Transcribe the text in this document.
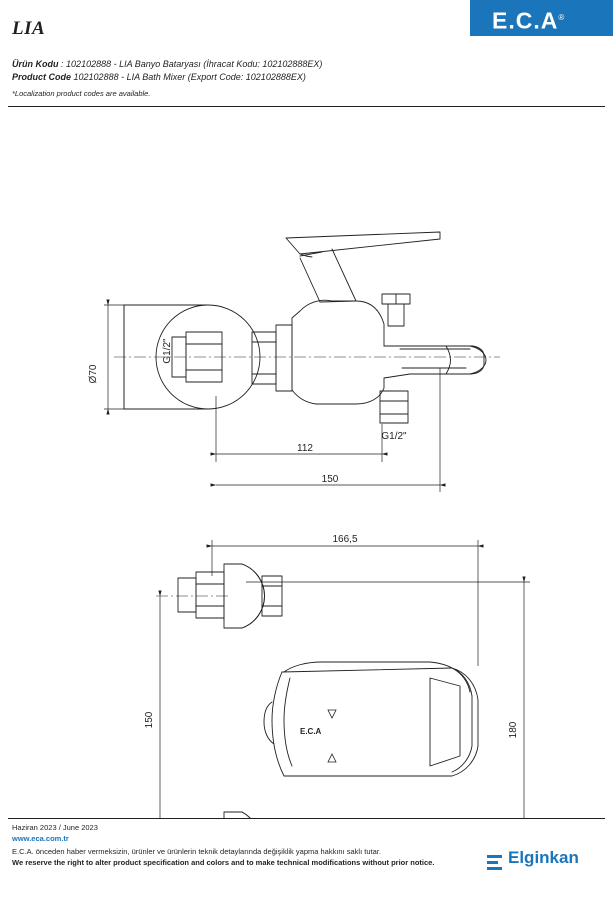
E.C.A®
LIA
Ürün Kodu : 102102888 - LIA Banyo Bataryası (İhracat Kodu: 102102888EX)
Product Code 102102888 - LIA Bath Mixer (Export Code: 102102888EX)
*Localization product codes are available.
Ø70
G1/2"
G1/2"
112
150
E.C.A
166,5
150
180
Haziran 2023 / June 2023
www.eca.com.tr
E.C.A. önceden haber vermeksizin, ürünler ve ürünlerin teknik detaylarında değişiklik yapma hakkını saklı tutar.
We reserve the right to alter product specification and colors and to make technical modifications without prior notice.	Elginkan
